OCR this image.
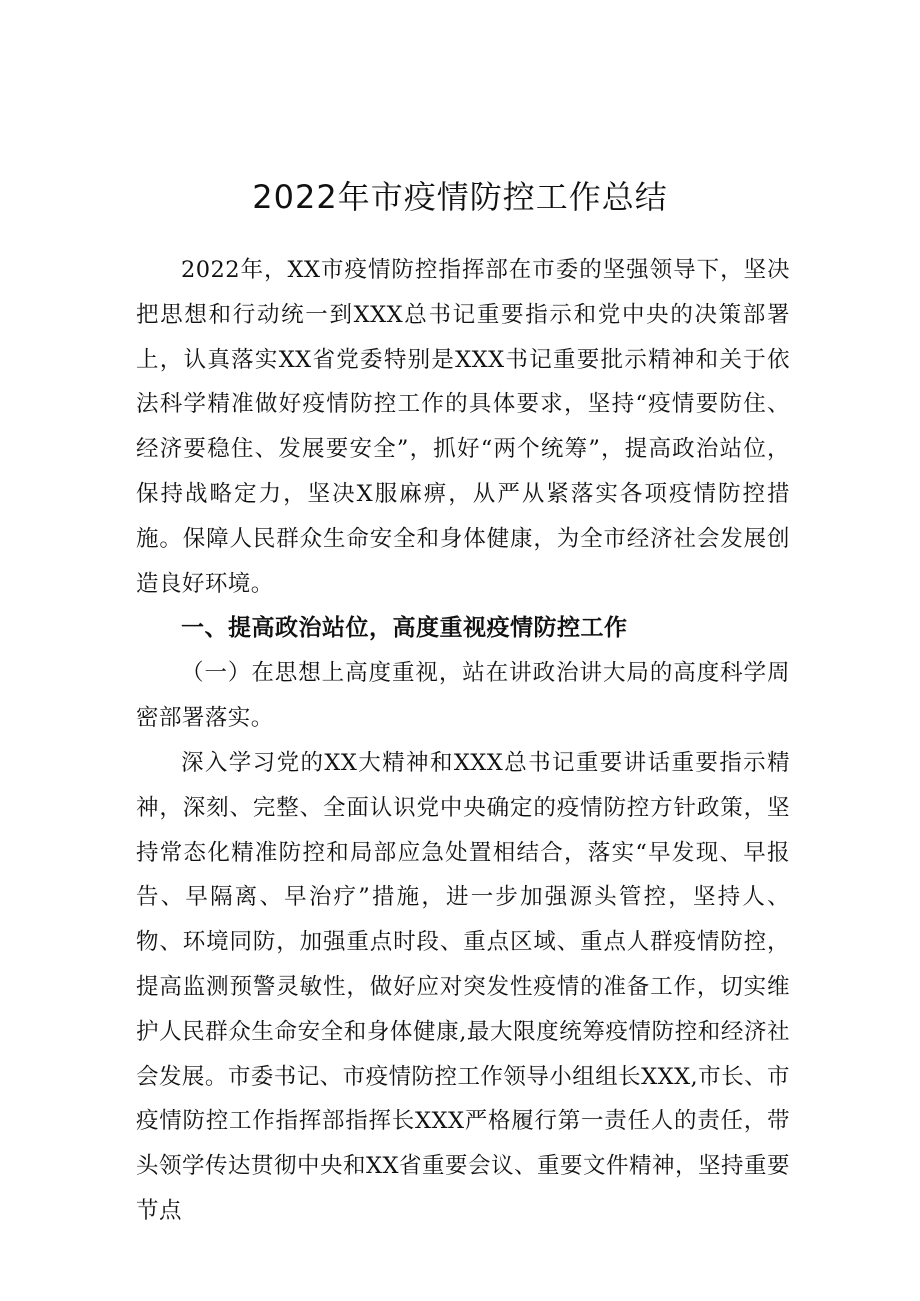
2022年市疫情防控工作总结

2022年，XX市疫情防控指挥部在市委的坚强领导下，坚决把思想和行动统一到XXX总书记重要指示和党中央的决策部署上，认真落实XX省党委特别是XXX书记重要批示精神和关于依法科学精准做好疫情防控工作的具体要求，坚持“疫情要防住、经济要稳住、发展要安全”，抓好“两个统筹”，提高政治站位，保持战略定力，坚决X服麻痹，从严从紧落实各项疫情防控措施。保障人民群众生命安全和身体健康，为全市经济社会发展创造良好环境。

一、提高政治站位，高度重视疫情防控工作

（一）在思想上高度重视，站在讲政治讲大局的高度科学周密部署落实。

深入学习党的XX大精神和XXX总书记重要讲话重要指示精神，深刻、完整、全面认识党中央确定的疫情防控方针政策，坚持常态化精准防控和局部应急处置相结合，落实“早发现、早报告、早隔离、早治疗”措施，进一步加强源头管控，坚持人、物、环境同防，加强重点时段、重点区域、重点人群疫情防控，提高监测预警灵敏性，做好应对突发性疫情的准备工作，切实维护人民群众生命安全和身体健康,最大限度统筹疫情防控和经济社会发展。市委书记、市疫情防控工作领导小组组长XXX,市长、市疫情防控工作指挥部指挥长XXX严格履行第一责任人的责任，带头领学传达贯彻中央和XX省重要会议、重要文件精神，坚持重要节点
